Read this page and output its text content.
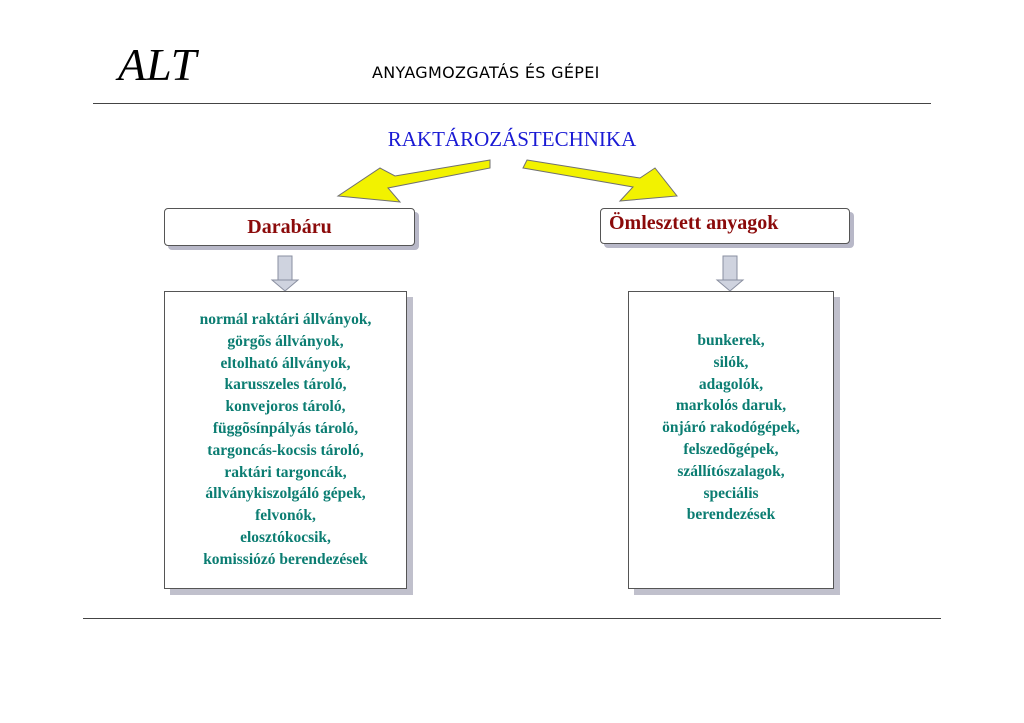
ALT	ANYAGMOZGATÁS ÉS GÉPEI
RAKTÁROZÁSTECHNIKA
Darabáru	Ömlesztett anyagok
normál raktári állványok,
görgõs állványok,
eltolható állványok,
karusszeles tároló,
konvejoros tároló,
függõsínpályás tároló,
targoncás-kocsis tároló,
raktári targoncák,
állványkiszolgáló gépek,
felvonók,
elosztókocsik,
komissiózó berendezések
bunkerek,
silók,
adagolók,
markolós daruk,
önjáró rakodógépek,
felszedõgépek,
szállítószalagok,
speciális
berendezések
